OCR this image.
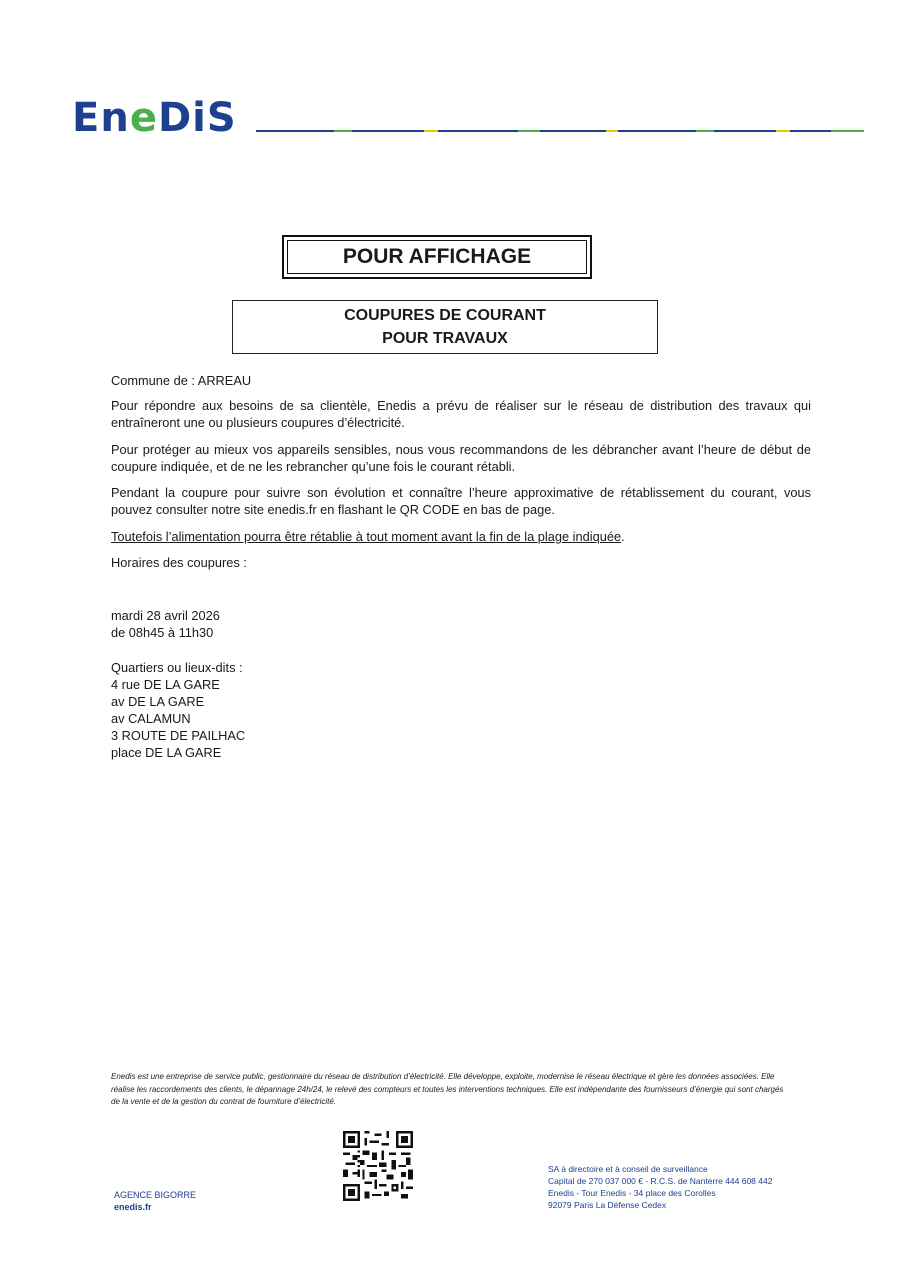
EneDiS
POUR AFFICHAGE
COUPURES DE COURANT
POUR TRAVAUX
Commune de : ARREAU
Pour répondre aux besoins de sa clientèle, Enedis a prévu de réaliser sur le réseau de distribution des travaux qui entraîneront une ou plusieurs coupures d’électricité.
Pour protéger au mieux vos appareils sensibles, nous vous recommandons de les débrancher avant l’heure de début de coupure indiquée, et de ne les rebrancher qu’une fois le courant rétabli.
Pendant la coupure pour suivre son évolution et connaître l’heure approximative de rétablissement du courant, vous pouvez consulter notre site enedis.fr en flashant le QR CODE en bas de page.
Toutefois l’alimentation pourra être rétablie à tout moment avant la fin de la plage indiquée.
Horaires des coupures :
mardi 28 avril 2026
de 08h45 à 11h30
Quartiers ou lieux-dits :
4 rue DE LA GARE
av DE LA GARE
av CALAMUN
3 ROUTE DE PAILHAC
place DE LA GARE
Enedis est une entreprise de service public, gestionnaire du réseau de distribution d’électricité. Elle développe, exploite, modernise le réseau électrique et gère les données associées. Elle réalise les raccordements des clients, le dépannage 24h/24, le relevé des compteurs et toutes les interventions techniques. Elle est indépendante des fournisseurs d’énergie qui sont chargés de la vente et de la gestion du contrat de fourniture d’électricité.
AGENCE BIGORRE
enedis.fr
SA à directoire et à conseil de surveillance
Capital de 270 037 000 € - R.C.S. de Nanterre 444 608 442
Enedis - Tour Enedis - 34 place des Corolles
92079 Paris La Défense Cedex
